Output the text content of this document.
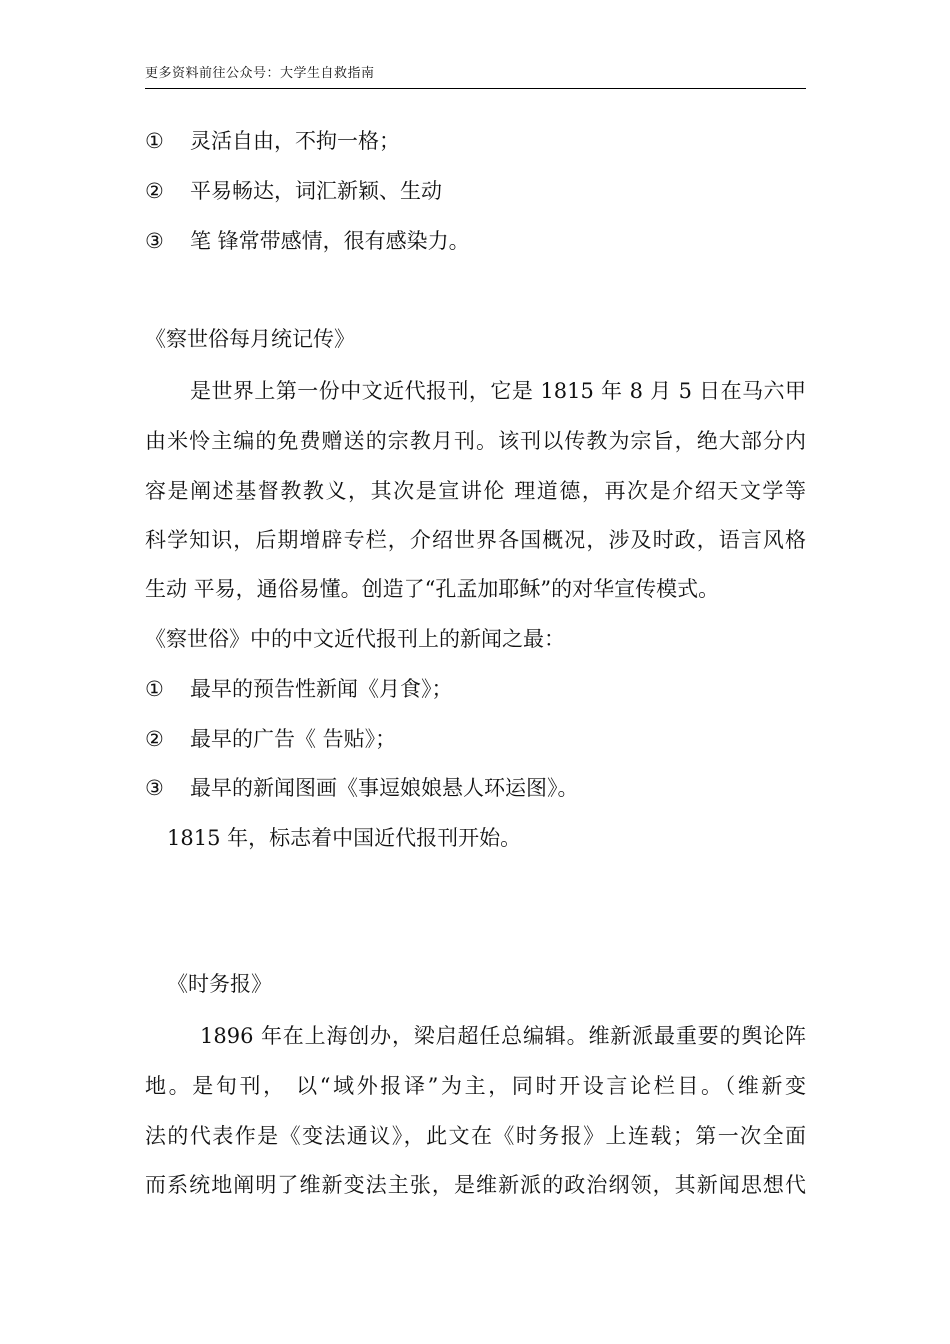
更多资料前往公众号：大学生自救指南
① 灵活自由，不拘一格；
② 平易畅达，词汇新颖、生动
③ 笔 锋常带感情，很有感染力。
《察世俗每月统记传》
是世界上第一份中文近代报刊，它是 1815 年 8 月 5 日在马六甲
由米怜主编的免费赠送的宗教月刊。该刊以传教为宗旨，绝大部分内
容是阐述基督教教义，其次是宣讲伦 理道德，再次是介绍天文学等
科学知识，后期增辟专栏，介绍世界各国概况，涉及时政，语言风格
生动 平易，通俗易懂。创造了“孔孟加耶稣”的对华宣传模式。
《察世俗》中的中文近代报刊上的新闻之最：
① 最早的预告性新闻《月食》；
② 最早的广告《 告贴》；
③ 最早的新闻图画《事逗娘娘悬人环运图》。
1815 年，标志着中国近代报刊开始。
《时务报》
1896 年在上海创办，梁启超任总编辑。维新派最重要的舆论阵
地。是旬刊， 以“域外报译”为主，同时开设言论栏目。（维新变
法的代表作是《变法通议》，此文在《时务报》上连载；第一次全面
而系统地阐明了维新变法主张，是维新派的政治纲领，其新闻思想代
